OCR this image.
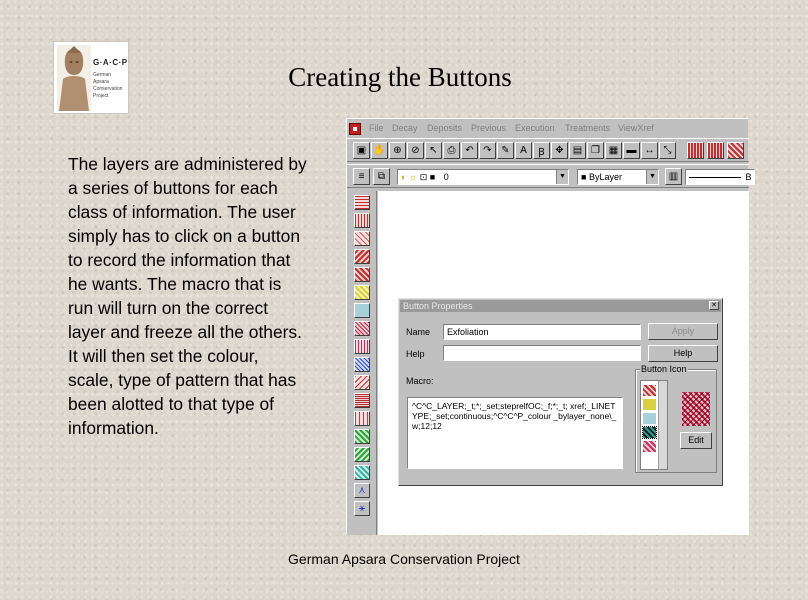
G·A·C·P
German Apsara Conservation Project
Creating the Buttons
The layers are administered by a series of buttons for each class of information. The user simply has to click on a button to record the information that he wants. The macro that is run will turn on the correct layer and freeze all the others. It will then set the colour, scale, type of pattern that has been alotted to that type of information.
File Decay Deposits Previous Execution Treatments ViewXref
▣ ✋ ⊕ ⊘ ↖ ⎙ ↶ ↷ ✎	A	Ꞵ	✥ ▤ ❐ ▦ ▬ ↔ ⤡
≡	⧉	◐ ☼ ⊡ ■ 0	▼	■ ByLayer	▼	▥	B
⋏
⚹
Button Properties	✕
Name	Exfoliation	Apply
Help	Help
Macro:
^C^C_LAYER;_t;*;_set;steprelfOC;_f;*;_t; xref;_LINETYPE;_set;continuous;^C^C^P_colour _bylayer_none\_w;12;12
Button Icon
Edit
German Apsara Conservation Project
